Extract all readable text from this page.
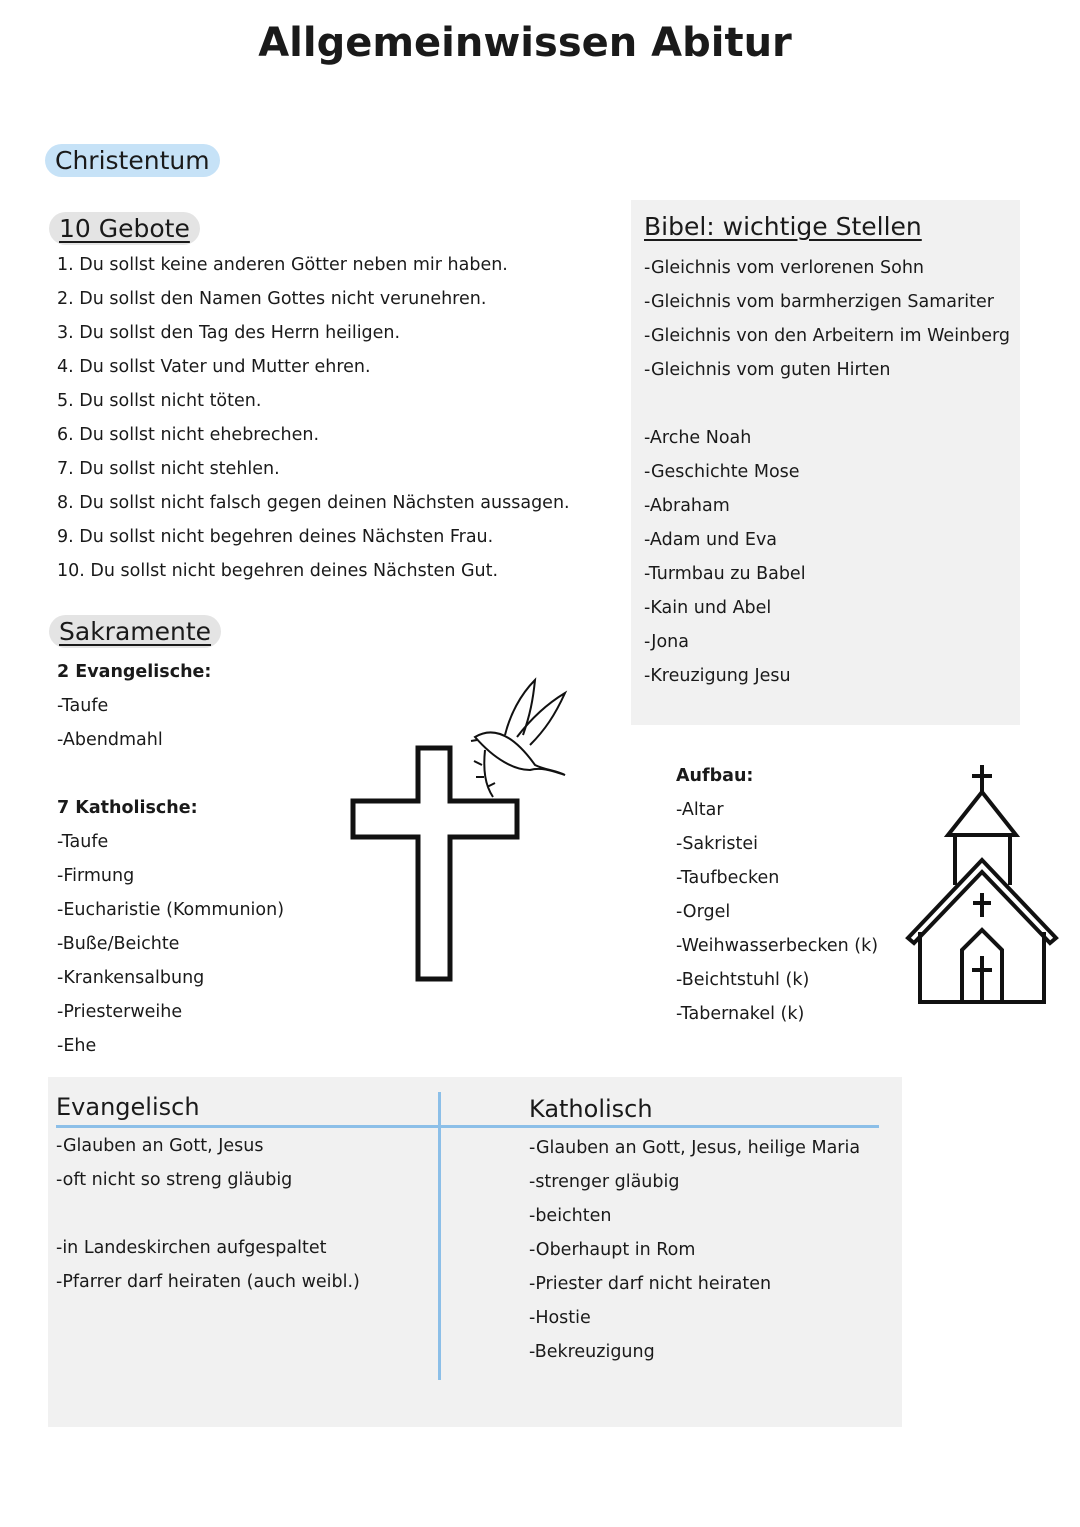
Allgemeinwissen Abitur
Christentum
10 Gebote
1. Du sollst keine anderen Götter neben mir haben.
2. Du sollst den Namen Gottes nicht verunehren.
3. Du sollst den Tag des Herrn heiligen.
4. Du sollst Vater und Mutter ehren.
5. Du sollst nicht töten.
6. Du sollst nicht ehebrechen.
7. Du sollst nicht stehlen.
8. Du sollst nicht falsch gegen deinen Nächsten aussagen.
9. Du sollst nicht begehren deines Nächsten Frau.
10. Du sollst nicht begehren deines Nächsten Gut.
Bibel: wichtige Stellen
-Gleichnis vom verlorenen Sohn
-Gleichnis vom barmherzigen Samariter
-Gleichnis von den Arbeitern im Weinberg
-Gleichnis vom guten Hirten
-Arche Noah
-Geschichte Mose
-Abraham
-Adam und Eva
-Turmbau zu Babel
-Kain und Abel
-Jona
-Kreuzigung Jesu
Sakramente
2 Evangelische:
-Taufe
-Abendmahl
7 Katholische:
-Taufe
-Firmung
-Eucharistie (Kommunion)
-Buße/Beichte
-Krankensalbung
-Priesterweihe
-Ehe
Aufbau:
-Altar
-Sakristei
-Taufbecken
-Orgel
-Weihwasserbecken (k)
-Beichtstuhl (k)
-Tabernakel (k)
Evangelisch	Katholisch
-Glauben an Gott, Jesus
-oft nicht so streng gläubig
-in Landeskirchen aufgespaltet
-Pfarrer darf heiraten (auch weibl.)
-Glauben an Gott, Jesus, heilige Maria
-strenger gläubig
-beichten
-Oberhaupt in Rom
-Priester darf nicht heiraten
-Hostie
-Bekreuzigung
